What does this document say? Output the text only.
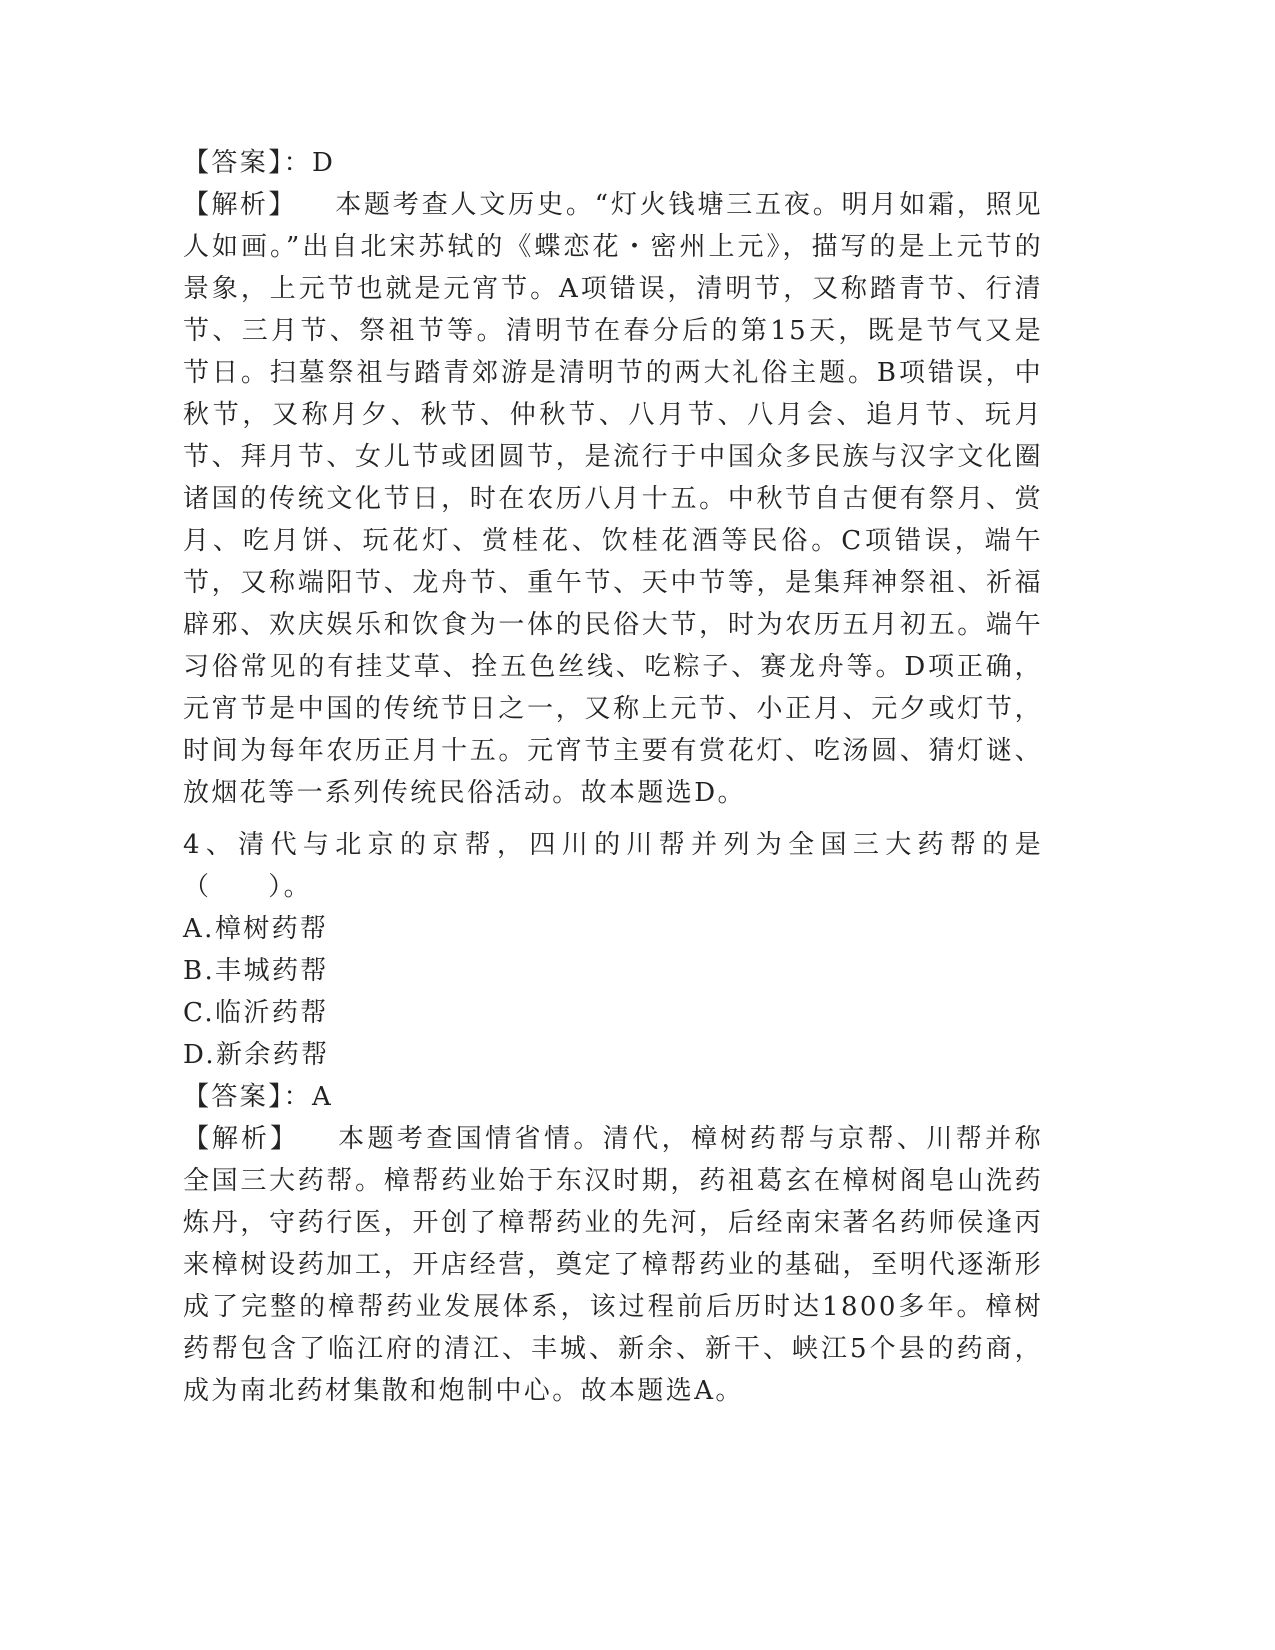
【答案】：D

【解析】 本题考查人文历史。“灯火钱塘三五夜。明月如霜，照见人如画。”出自北宋苏轼的《蝶恋花・密州上元》，描写的是上元节的景象，上元节也就是元宵节。A项错误，清明节，又称踏青节、行清节、三月节、祭祖节等。清明节在春分后的第15天，既是节气又是节日。扫墓祭祖与踏青郊游是清明节的两大礼俗主题。B项错误，中秋节，又称月夕、秋节、仲秋节、八月节、八月会、追月节、玩月节、拜月节、女儿节或团圆节，是流行于中国众多民族与汉字文化圈诸国的传统文化节日，时在农历八月十五。中秋节自古便有祭月、赏月、吃月饼、玩花灯、赏桂花、饮桂花酒等民俗。C项错误，端午节，又称端阳节、龙舟节、重午节、天中节等，是集拜神祭祖、祈福辟邪、欢庆娱乐和饮食为一体的民俗大节，时为农历五月初五。端午习俗常见的有挂艾草、拴五色丝线、吃粽子、赛龙舟等。D项正确，元宵节是中国的传统节日之一，又称上元节、小正月、元夕或灯节，时间为每年农历正月十五。元宵节主要有赏花灯、吃汤圆、猜灯谜、放烟花等一系列传统民俗活动。故本题选D。

4、清代与北京的京帮，四川的川帮并列为全国三大药帮的是（　　）。

A.樟树药帮

B.丰城药帮

C.临沂药帮

D.新余药帮

【答案】：A

【解析】 本题考查国情省情。清代，樟树药帮与京帮、川帮并称全国三大药帮。樟帮药业始于东汉时期，药祖葛玄在樟树阁皂山洗药炼丹，守药行医，开创了樟帮药业的先河，后经南宋著名药师侯逢丙来樟树设药加工，开店经营，奠定了樟帮药业的基础，至明代逐渐形成了完整的樟帮药业发展体系，该过程前后历时达1800多年。樟树药帮包含了临江府的清江、丰城、新余、新干、峡江5个县的药商，成为南北药材集散和炮制中心。故本题选A。
